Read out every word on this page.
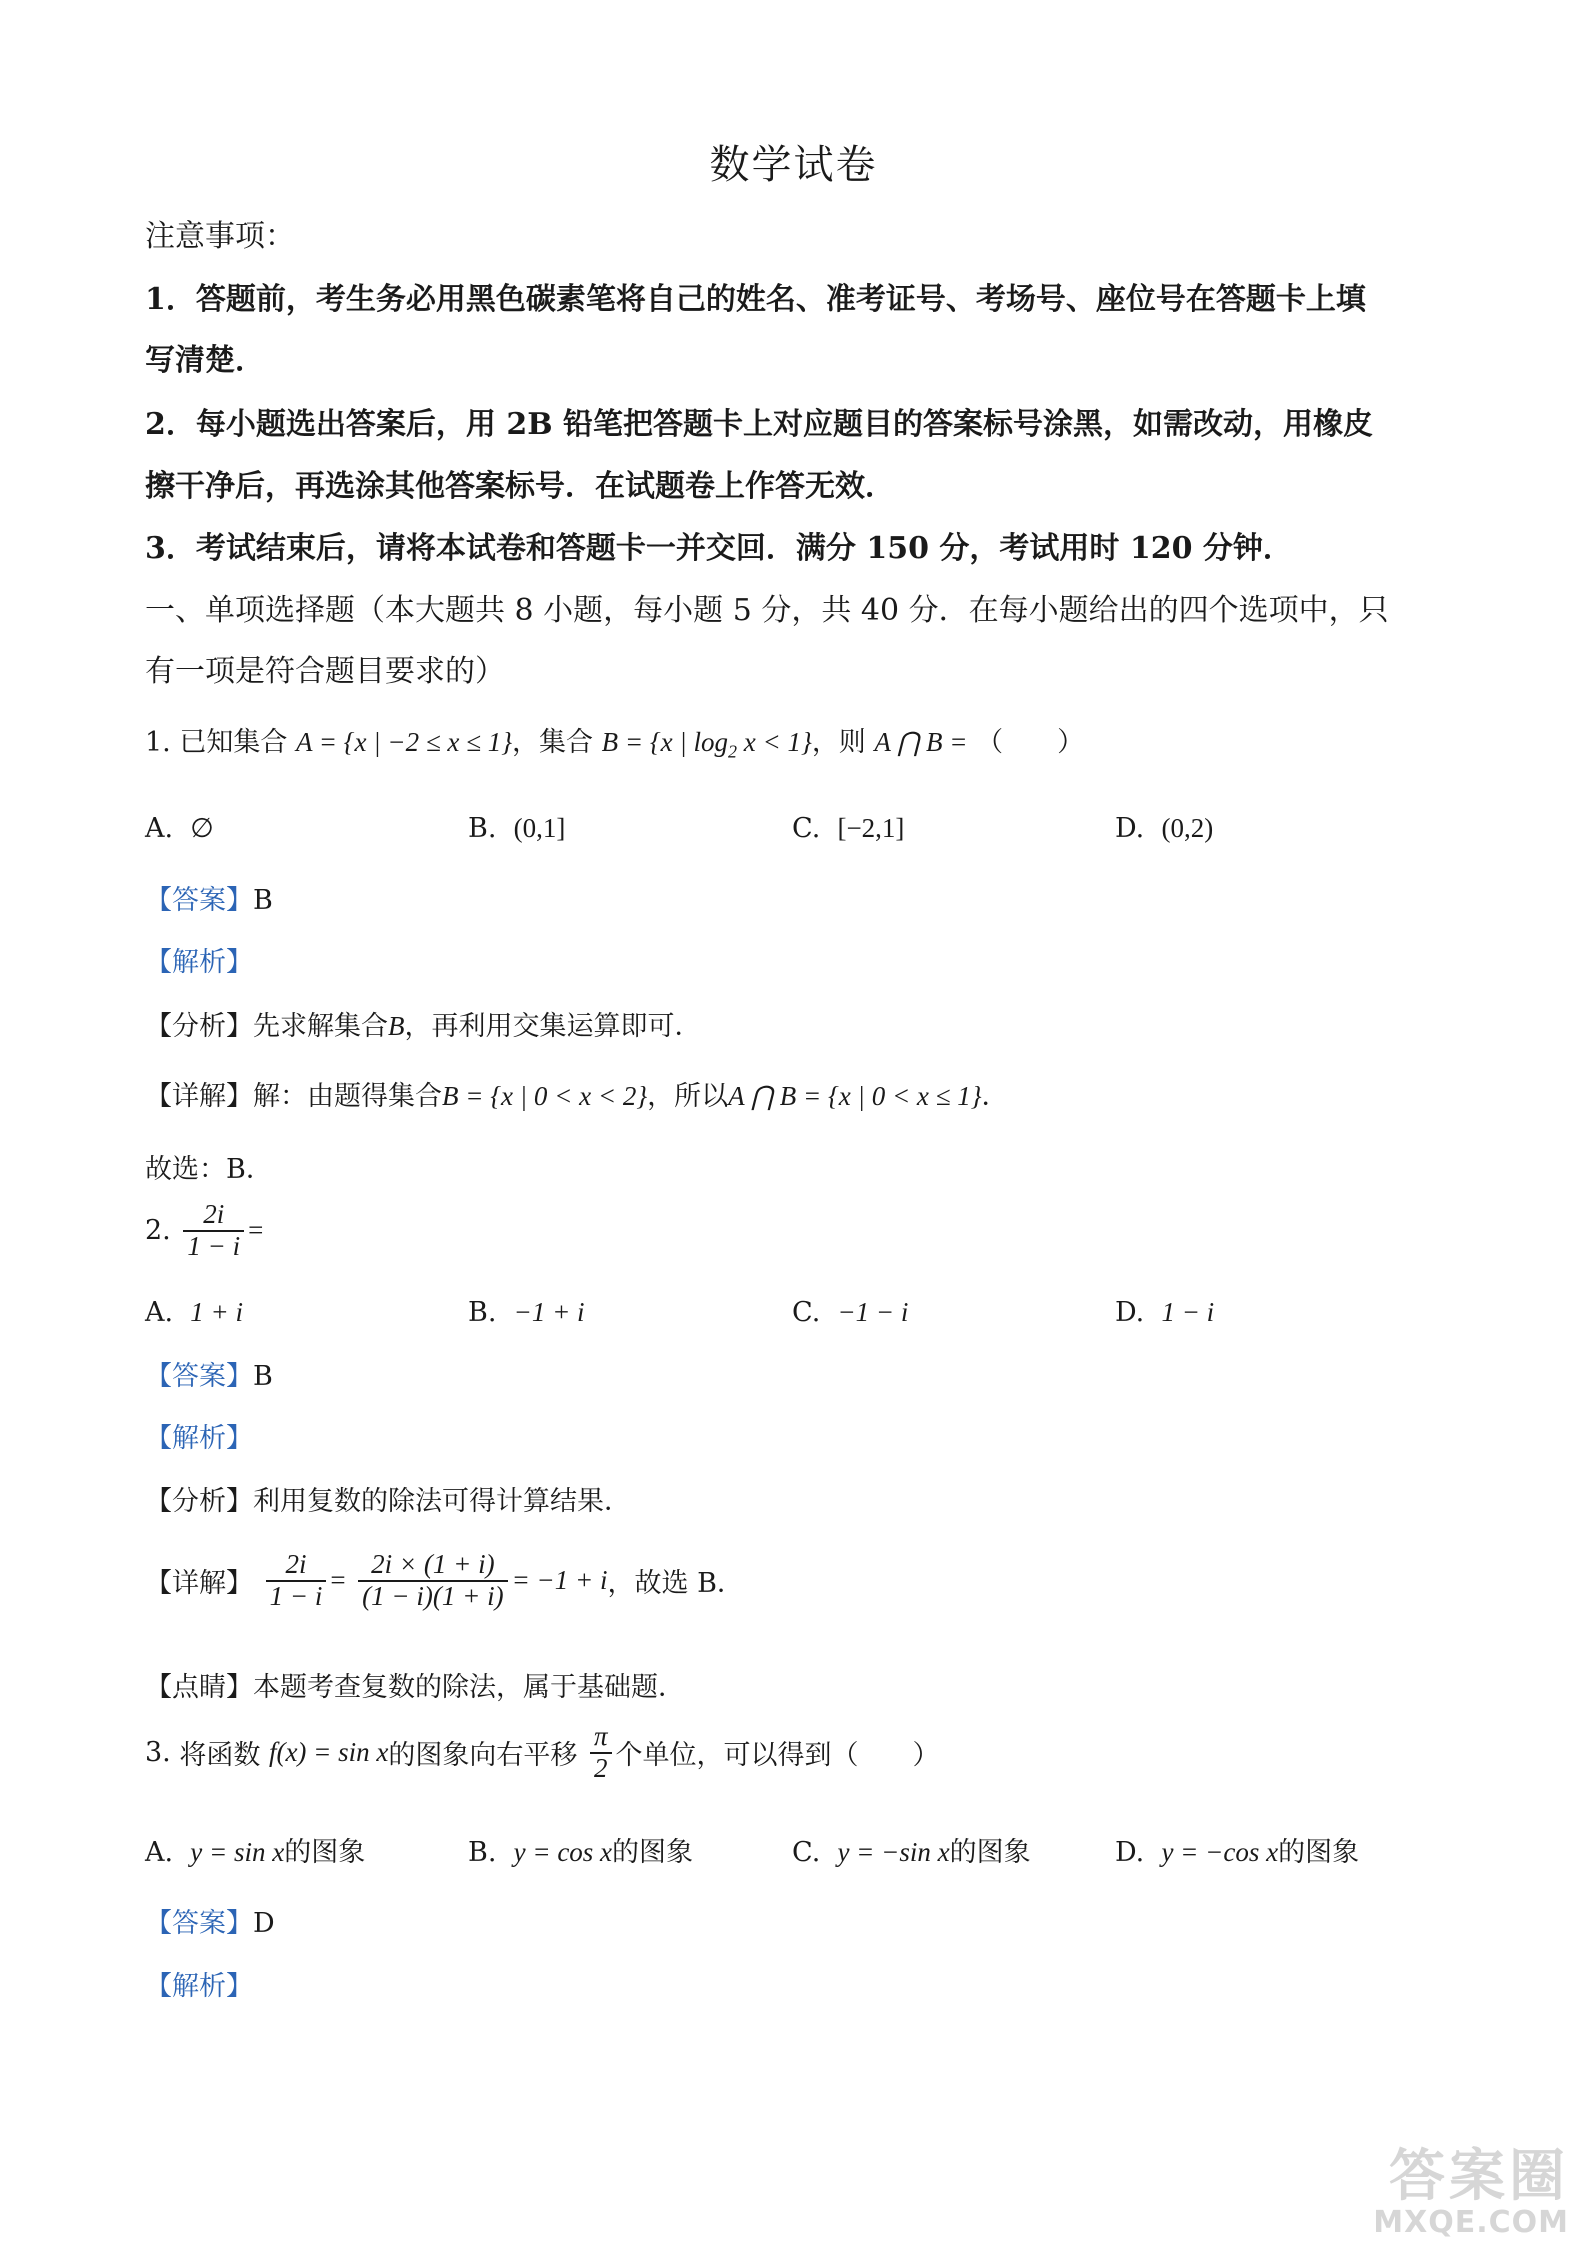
数学试卷
注意事项：
1．答题前，考生务必用黑色碳素笔将自己的姓名、准考证号、考场号、座位号在答题卡上填
写清楚．
2．每小题选出答案后，用 2B 铅笔把答题卡上对应题目的答案标号涂黑，如需改动，用橡皮
擦干净后，再选涂其他答案标号．在试题卷上作答无效．
3．考试结束后，请将本试卷和答题卡一并交回．满分 150 分，考试用时 120 分钟．
一、单项选择题（本大题共 8 小题，每小题 5 分，共 40 分．在每小题给出的四个选项中，只
有一项是符合题目要求的）
1. 已知集合 A = {x | −2 ≤ x ≤ 1}，集合 B = {x | $\log_2 x < 1$}，则 A ⋂ B = （　　）
A. ∅	B. (0,1]	C. [−2,1]	D. (0,2)
【答案】B
【解析】
【分析】先求解集合B，再利用交集运算即可．
【详解】解：由题得集合B = {x | 0 < x < 2}，所以A ⋂ B = {x | 0 < x ≤ 1}．
故选：B．
2. $\frac{2i}{1 - i}$ =
A. 1 + i	B. −1 + i	C. −1 − i	D. 1 − i
【答案】B
【解析】
【分析】利用复数的除法可得计算结果．
【详解】 $\frac{2i}{1 - i} = \frac{2i \times (1 + i)}{(1 - i)(1 + i)} = -1 + i$，故选 B．
【点睛】本题考查复数的除法，属于基础题．
3. 将函数 f(x) = sin x的图象向右平移 $\frac{\pi}{2}$ 个单位，可以得到（　　）
A. y = sin x的图象	B. y = cos x的图象	C. y = −sin x的图象	D. y = −cos x的图象
【答案】D
【解析】
答案圈
MXQE.COM
